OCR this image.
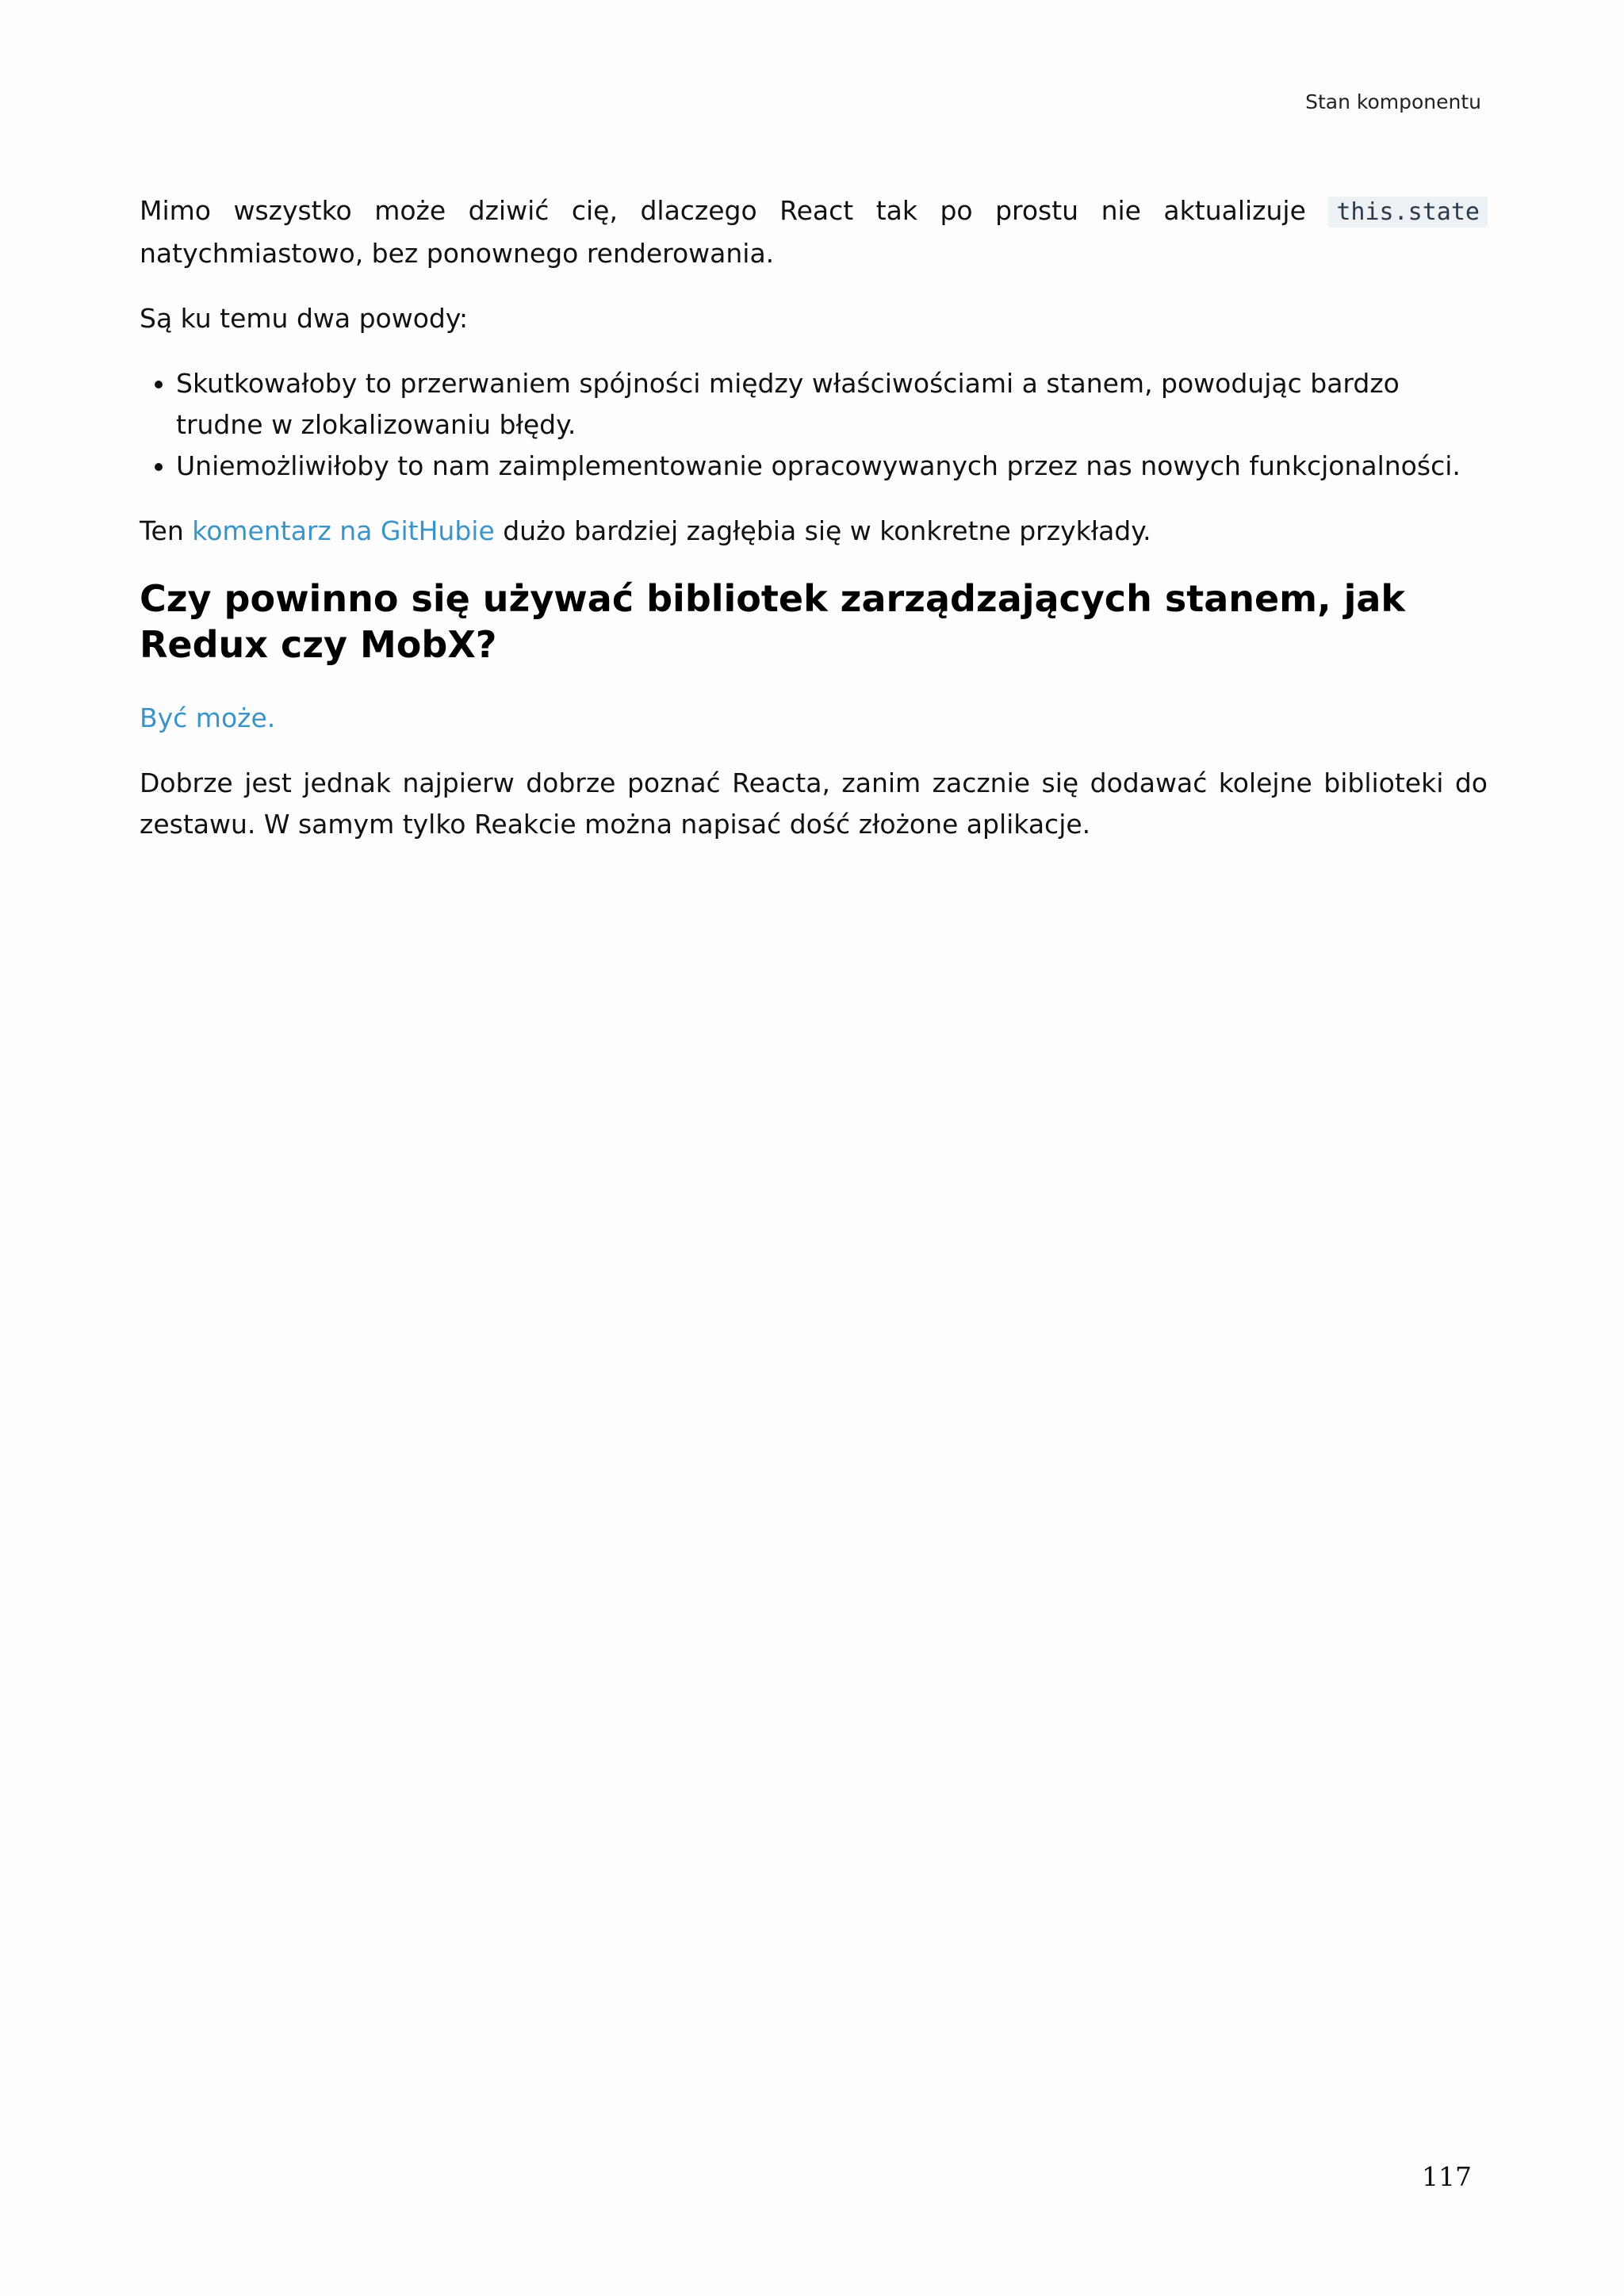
Stan komponentu

Mimo wszystko może dziwić cię, dlaczego React tak po prostu nie aktualizuje this.state natychmiastowo, bez ponownego renderowania.

Są ku temu dwa powody:

• Skutkowałoby to przerwaniem spójności między właściwościami a stanem, powodując bardzo trudne w zlokalizowaniu błędy.
• Uniemożliwiłoby to nam zaimplementowanie opracowywanych przez nas nowych funkcjonalności.

Ten komentarz na GitHubie dużo bardziej zagłębia się w konkretne przykłady.

Czy powinno się używać bibliotek zarządzających stanem, jak Redux czy MobX?

Być może.

Dobrze jest jednak najpierw dobrze poznać Reacta, zanim zacznie się dodawać kolejne biblioteki do zestawu. W samym tylko Reakcie można napisać dość złożone aplikacje.

117
